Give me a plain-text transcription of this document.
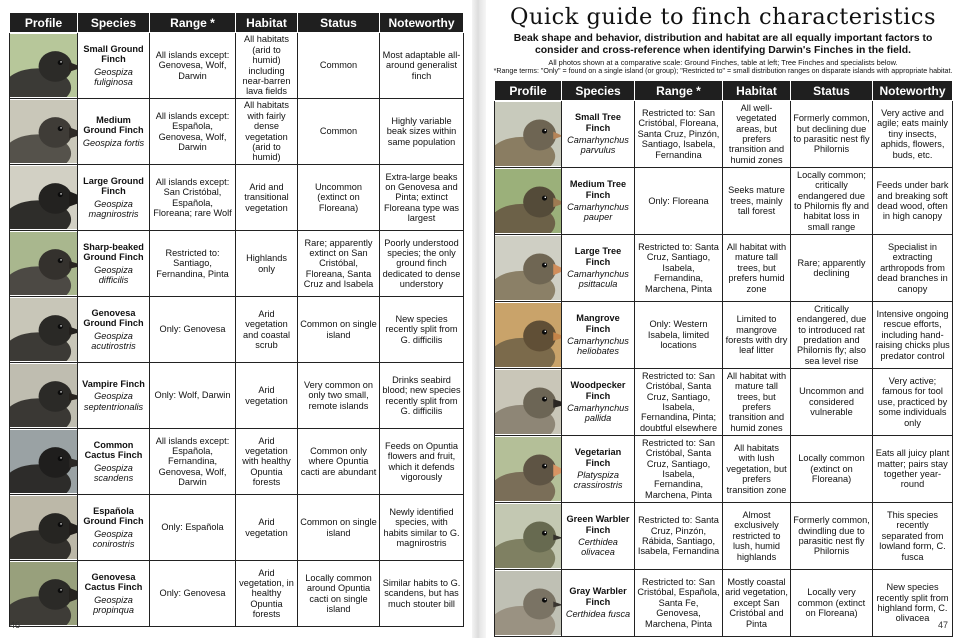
Profile	Species	Range *	Habitat	Status	Noteworthy

Small Ground Finch
Geospiza fuliginosa	All islands except: Genovesa, Wolf, Darwin	All habitats (arid to humid) including near-barren lava fields	Common	Most adaptable all-around generalist finch

Medium Ground Finch
Geospiza fortis	All islands except: Española, Genovesa, Wolf, Darwin	All habitats with fairly dense vegetation (arid to humid)	Common	Highly variable beak sizes within same population

Large Ground Finch
Geospiza magnirostris	All islands except: San Cristóbal, Española, Floreana; rare Wolf	Arid and transitional vegetation	Uncommon (extinct on Floreana)	Extra-large beaks on Genovesa and Pinta; extinct Floreana type was largest

Sharp-beaked Ground Finch
Geospiza difficilis	Restricted to: Santiago, Fernandina, Pinta	Highlands only	Rare; apparently extinct on San Cristóbal, Floreana, Santa Cruz and Isabela	Poorly understood species; the only ground finch dedicated to dense understory

Genovesa Ground Finch
Geospiza acutirostris	Only: Genovesa	Arid vegetation and coastal scrub	Common on single island	New species recently split from G. difficilis

Vampire Finch
Geospiza septentrionalis	Only: Wolf, Darwin	Arid vegetation	Very common on only two small, remote islands	Drinks seabird blood; new species recently split from G. difficilis

Common Cactus Finch
Geospiza scandens	All islands except: Española, Fernandina, Genovesa, Wolf, Darwin	Arid vegetation with healthy Opuntia forests	Common only where Opuntia cacti are abundant	Feeds on Opuntia flowers and fruit, which it defends vigorously

Española Ground Finch
Geospiza conirostris	Only: Española	Arid vegetation	Common on single island	Newly identified species, with habits similar to G. magnirostris

Genovesa Cactus Finch
Geospiza propinqua	Only: Genovesa	Arid vegetation, in healthy Opuntia forests	Locally common around Opuntia cacti on single island	Similar habits to G. scandens, but has much stouter bill
46
Quick guide to finch characteristics
Beak shape and behavior, distribution and habitat are all equally important factors to consider and cross-reference when identifying Darwin's Finches in the field.
All photos shown at a comparative scale: Ground Finches, table at left; Tree Finches and specialists below.
*Range terms: "Only" = found on a single island (or group); "Restricted to" = small distribution ranges on disparate islands with appropriate habitat.
Profile	Species	Range *	Habitat	Status	Noteworthy

Small Tree Finch
Camarhynchus parvulus	Restricted to: San Cristóbal, Floreana, Santa Cruz, Pinzón, Santiago, Isabela, Fernandina	All well-vegetated areas, but prefers transition and humid zones	Formerly common, but declining due to parasitic nest fly Philornis	Very active and agile; eats mainly tiny insects, aphids, flowers, buds, etc.

Medium Tree Finch
Camarhynchus pauper	Only: Floreana	Seeks mature trees, mainly tall forest	Locally common; critically endangered due to Philornis fly and habitat loss in small range	Feeds under bark and breaking soft dead wood, often in high canopy

Large Tree Finch
Camarhynchus psittacula	Restricted to: Santa Cruz, Santiago, Isabela, Fernandina, Marchena, Pinta	All habitat with mature tall trees, but prefers humid zone	Rare; apparently declining	Specialist in extracting arthropods from dead branches in canopy

Mangrove Finch
Camarhynchus heliobates	Only: Western Isabela, limited locations	Limited to mangrove forests with dry leaf litter	Critically endangered, due to introduced rat predation and Philornis fly; also sea level rise	Intensive ongoing rescue efforts, including hand-raising chicks plus predator control

Woodpecker Finch
Camarhynchus pallida	Restricted to: San Cristóbal, Santa Cruz, Santiago, Isabela, Fernandina, Pinta; doubtful elsewhere	All habitat with mature tall trees, but prefers transition and humid zones	Uncommon and considered vulnerable	Very active; famous for tool use, practiced by some individuals only

Vegetarian Finch
Platyspiza crassirostris	Restricted to: San Cristóbal, Santa Cruz, Santiago, Isabela, Fernandina, Marchena, Pinta	All habitats with lush vegetation, but prefers transition zone	Locally common (extinct on Floreana)	Eats all juicy plant matter; pairs stay together year-round

Green Warbler Finch
Certhidea olivacea	Restricted to: Santa Cruz, Pinzón, Rábida, Santiago, Isabela, Fernandina	Almost exclusively restricted to lush, humid highlands	Formerly common, dwindling due to parasitic nest fly Philornis	This species recently separated from lowland form, C. fusca

Gray Warbler Finch
Certhidea fusca	Restricted to: San Cristóbal, Española, Santa Fe, Genovesa, Marchena, Pinta	Mostly coastal arid vegetation, except San Cristóbal and Pinta	Locally very common (extinct on Floreana)	New species recently split from highland form, C. olivacea
47
